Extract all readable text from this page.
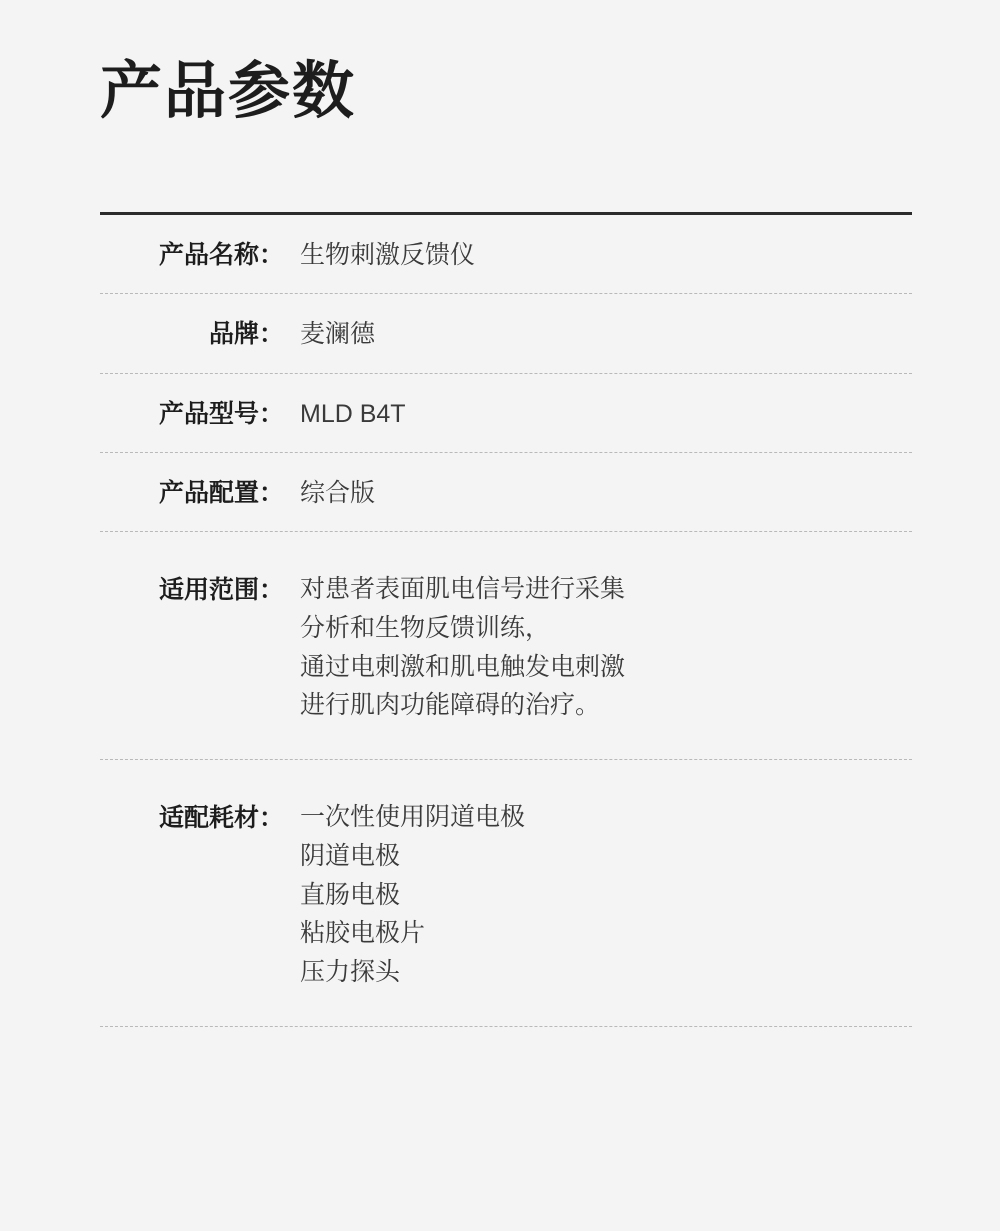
产品参数
产品名称： 生物刺激反馈仪
品牌： 麦澜德
产品型号： MLD B4T
产品配置： 综合版
适用范围： 对患者表面肌电信号进行采集
分析和生物反馈训练，
通过电刺激和肌电触发电刺激
进行肌肉功能障碍的治疗。
适配耗材： 一次性使用阴道电极
阴道电极
直肠电极
粘胶电极片
压力探头
